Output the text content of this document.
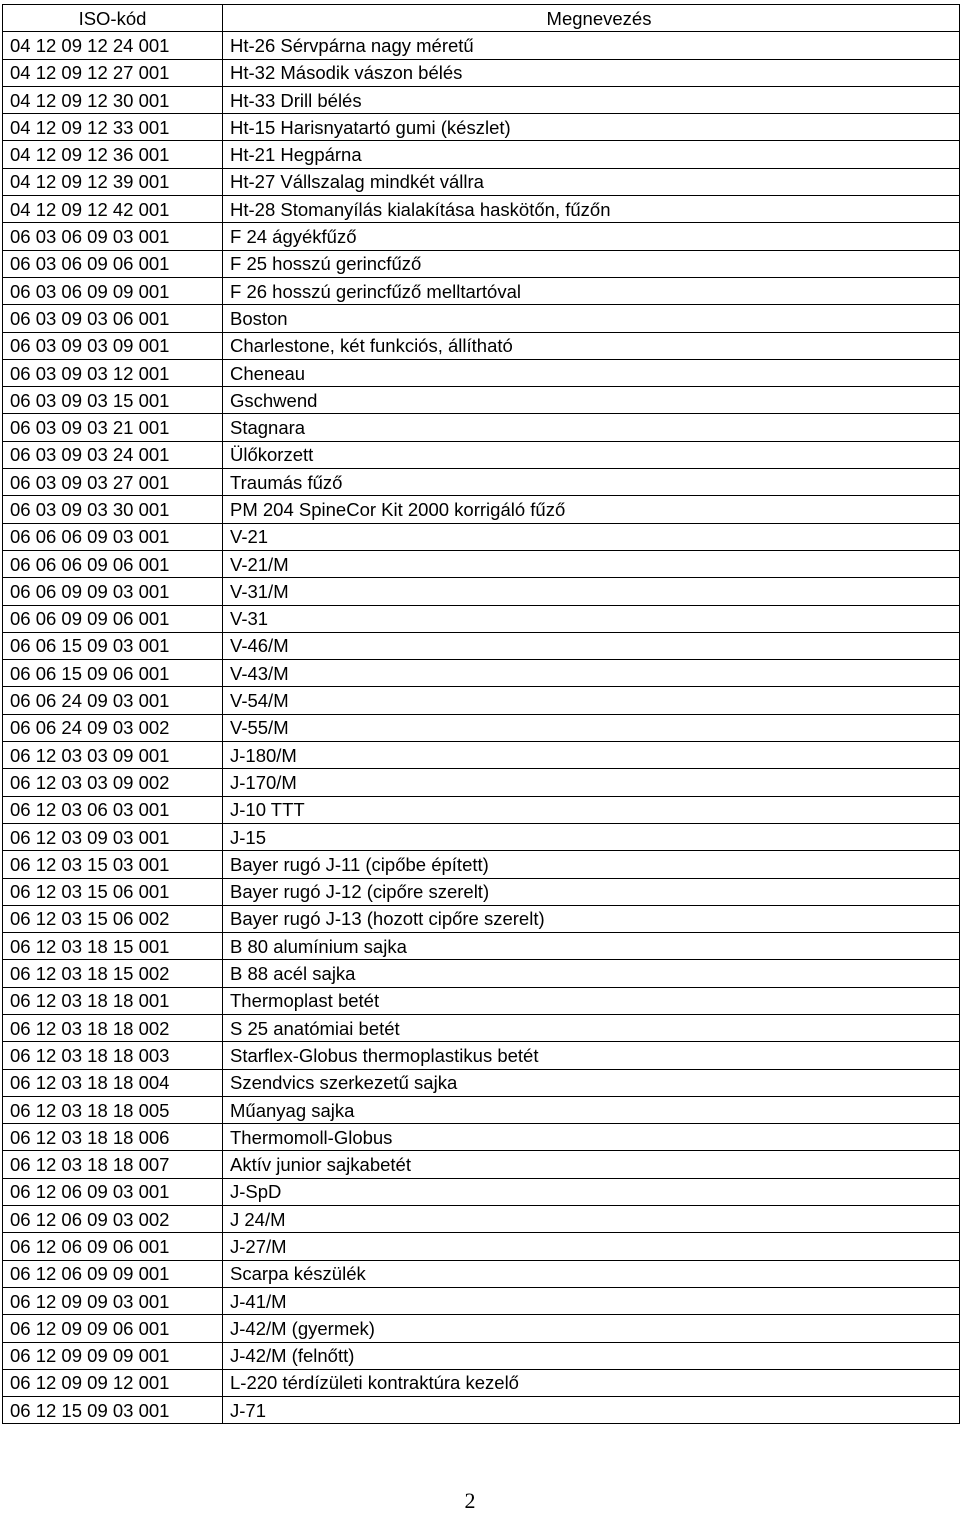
ISO-kód	Megnevezés
04 12 09 12 24 001	Ht-26 Sérvpárna nagy méretű
04 12 09 12 27 001	Ht-32 Második vászon bélés
04 12 09 12 30 001	Ht-33 Drill bélés
04 12 09 12 33 001	Ht-15 Harisnyatartó gumi (készlet)
04 12 09 12 36 001	Ht-21 Hegpárna
04 12 09 12 39 001	Ht-27 Vállszalag mindkét vállra
04 12 09 12 42 001	Ht-28 Stomanyílás kialakítása haskötőn, fűzőn
06 03 06 09 03 001	F 24 ágyékfűző
06 03 06 09 06 001	F 25 hosszú gerincfűző
06 03 06 09 09 001	F 26 hosszú gerincfűző melltartóval
06 03 09 03 06 001	Boston
06 03 09 03 09 001	Charlestone, két funkciós, állítható
06 03 09 03 12 001	Cheneau
06 03 09 03 15 001	Gschwend
06 03 09 03 21 001	Stagnara
06 03 09 03 24 001	Ülőkorzett
06 03 09 03 27 001	Traumás fűző
06 03 09 03 30 001	PM 204 SpineCor Kit 2000 korrigáló fűző
06 06 06 09 03 001	V-21
06 06 06 09 06 001	V-21/M
06 06 09 09 03 001	V-31/M
06 06 09 09 06 001	V-31
06 06 15 09 03 001	V-46/M
06 06 15 09 06 001	V-43/M
06 06 24 09 03 001	V-54/M
06 06 24 09 03 002	V-55/M
06 12 03 03 09 001	J-180/M
06 12 03 03 09 002	J-170/M
06 12 03 06 03 001	J-10 TTT
06 12 03 09 03 001	J-15
06 12 03 15 03 001	Bayer rugó J-11 (cipőbe épített)
06 12 03 15 06 001	Bayer rugó J-12 (cipőre szerelt)
06 12 03 15 06 002	Bayer rugó J-13 (hozott cipőre szerelt)
06 12 03 18 15 001	B 80 alumínium sajka
06 12 03 18 15 002	B 88 acél sajka
06 12 03 18 18 001	Thermoplast betét
06 12 03 18 18 002	S 25 anatómiai betét
06 12 03 18 18 003	Starflex-Globus thermoplastikus betét
06 12 03 18 18 004	Szendvics szerkezetű sajka
06 12 03 18 18 005	Műanyag sajka
06 12 03 18 18 006	Thermomoll-Globus
06 12 03 18 18 007	Aktív junior sajkabetét
06 12 06 09 03 001	J-SpD
06 12 06 09 03 002	J 24/M
06 12 06 09 06 001	J-27/M
06 12 06 09 09 001	Scarpa készülék
06 12 09 09 03 001	J-41/M
06 12 09 09 06 001	J-42/M (gyermek)
06 12 09 09 09 001	J-42/M (felnőtt)
06 12 09 09 12 001	L-220 térdízületi kontraktúra kezelő
06 12 15 09 03 001	J-71
2
